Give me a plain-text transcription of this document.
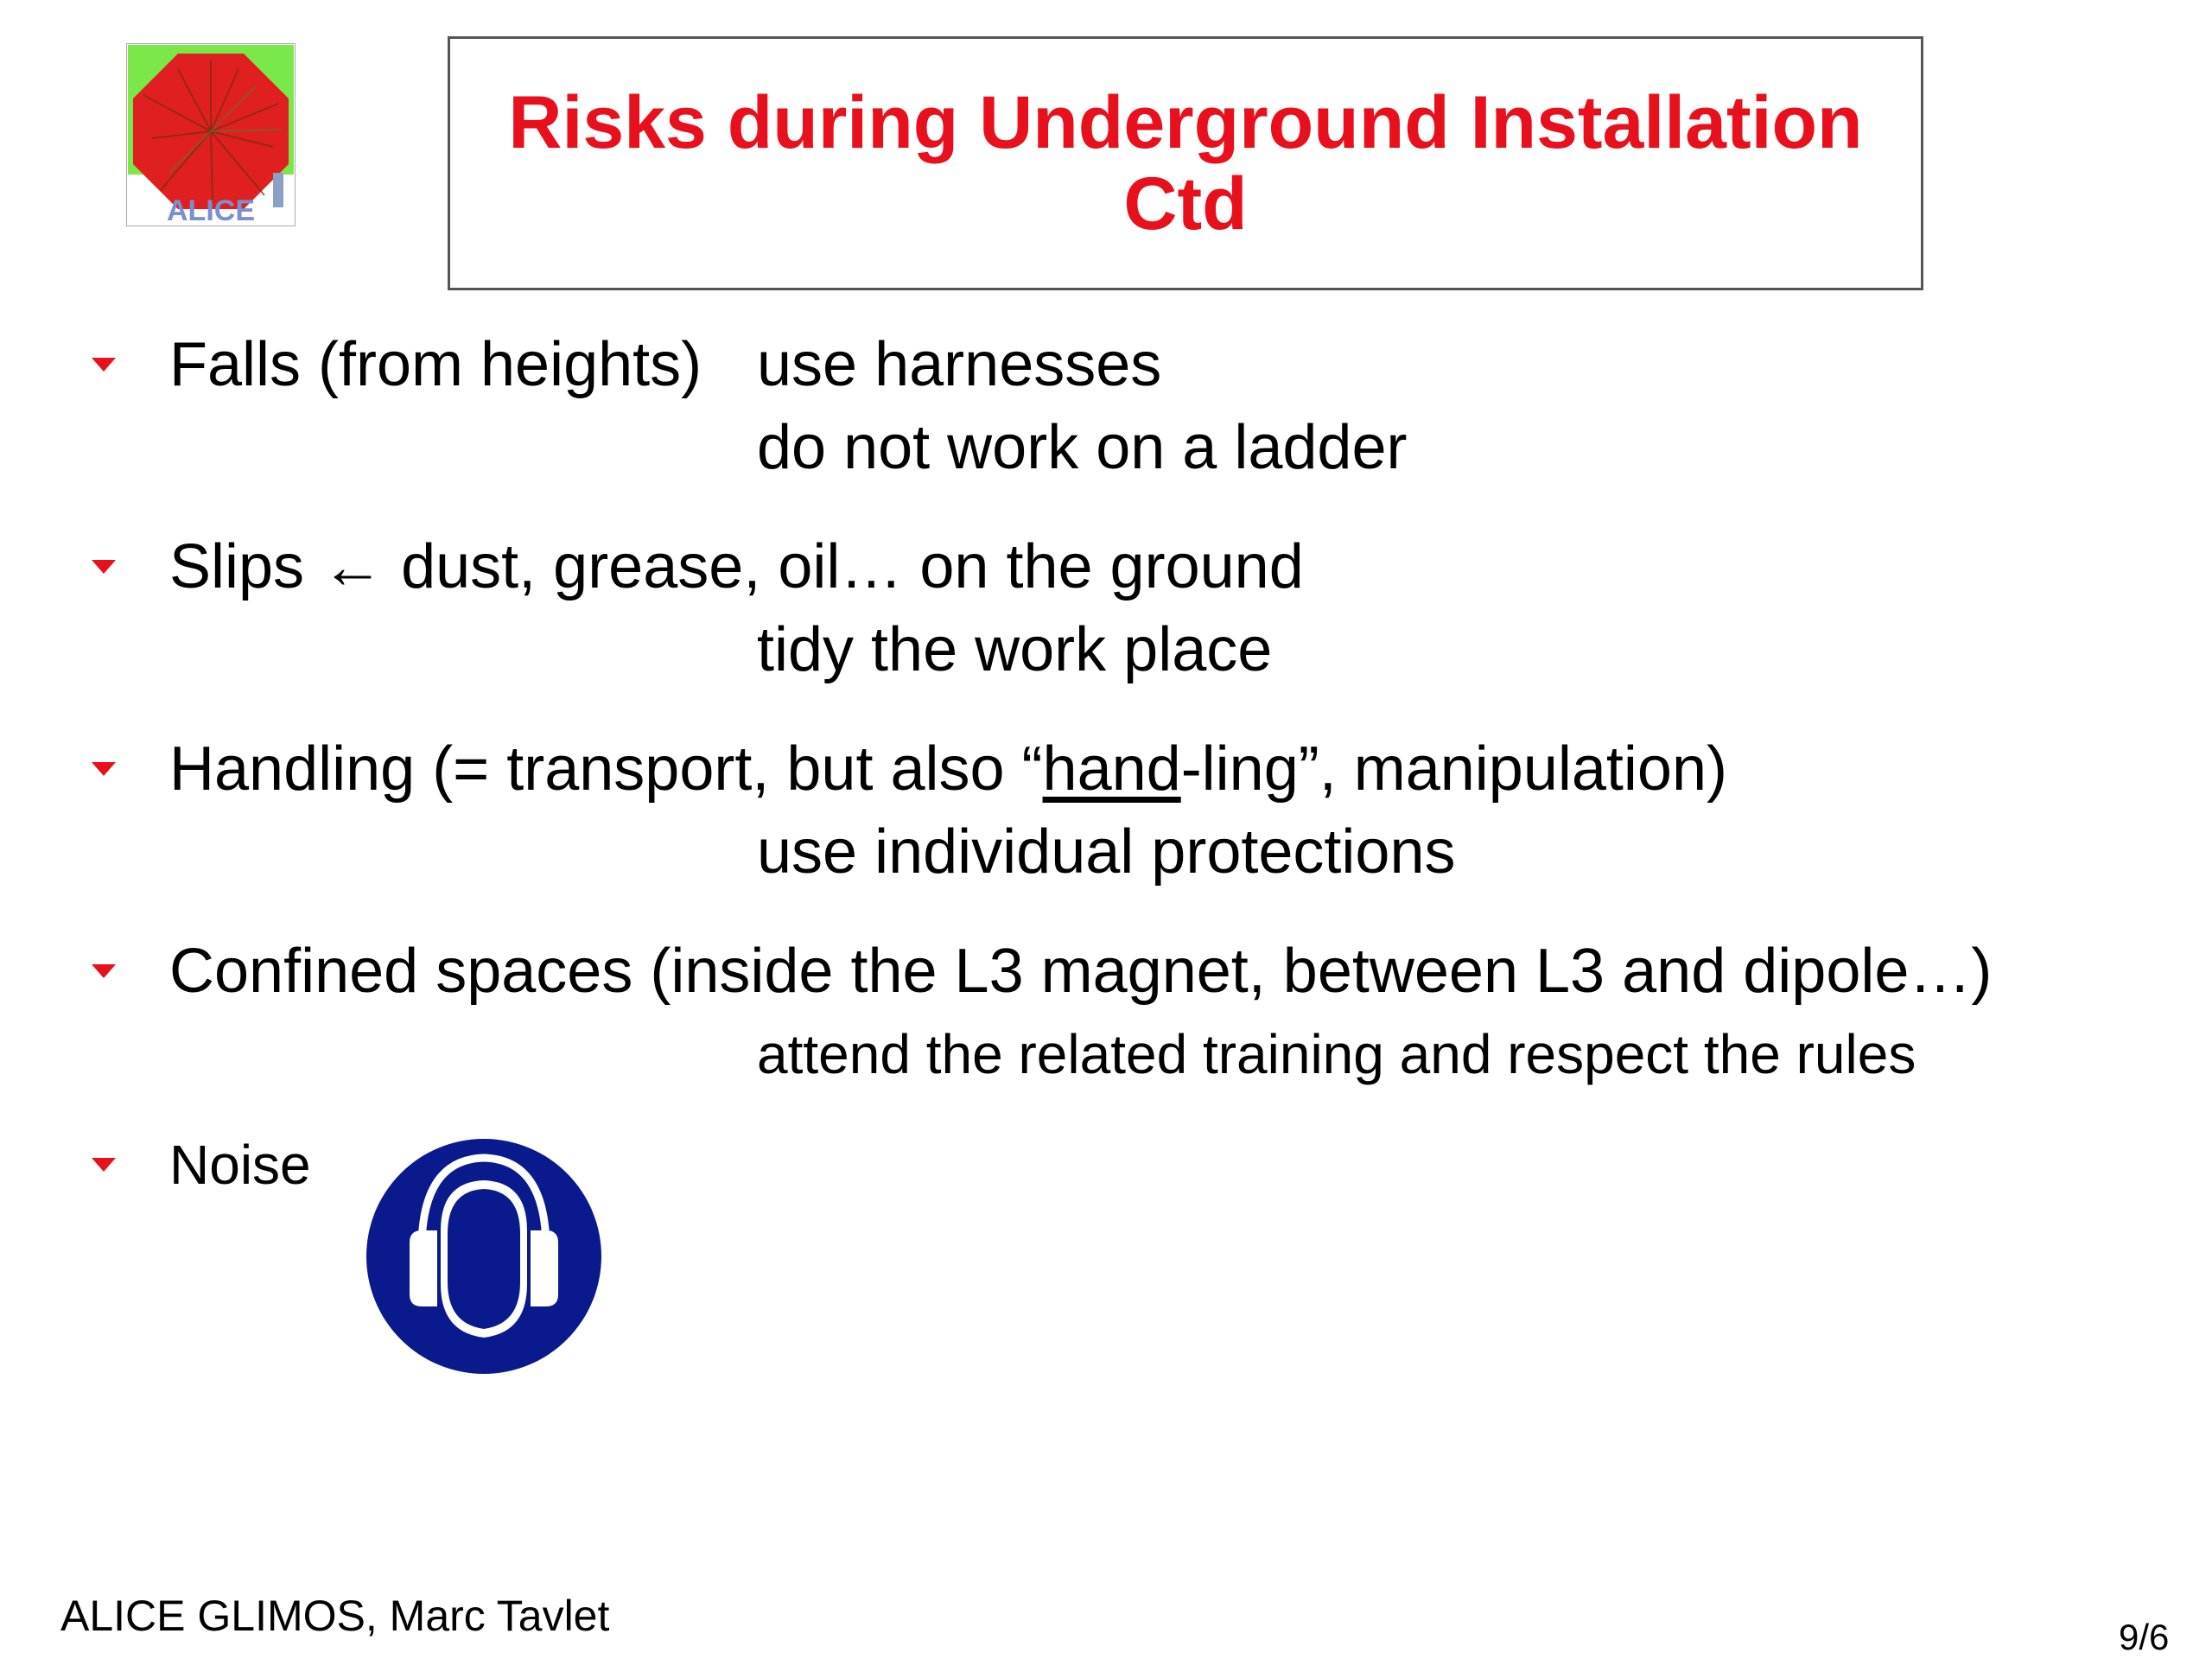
ALICE
Risks during Underground Installation
Ctd
Falls (from heights) use harnesses
do not work on a ladder
Slips ← dust, grease, oil… on the ground
tidy the work place
Handling (= transport, but also “hand-ling”, manipulation)
use individual protections
Confined spaces (inside the L3 magnet, between L3 and dipole…)
attend the related training and respect the rules
Noise
ALICE GLIMOS, Marc Tavlet	9/6
